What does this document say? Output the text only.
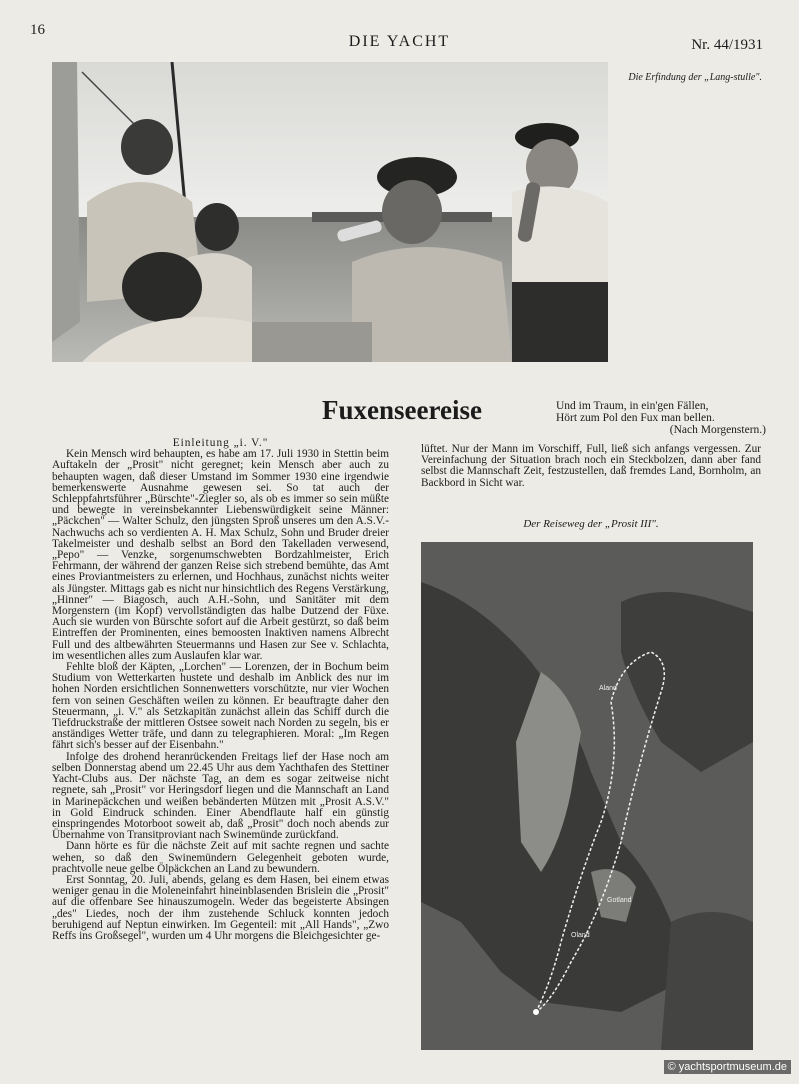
16
DIE YACHT	Nr. 44/1931
Die Erfindung der „Lang-stulle".
Fuxenseereise	Und im Traum, in ein'gen Fällen,
Hört zum Pol den Fux man bellen.
(Nach Morgenstern.)

Einleitung „i. V."

Kein Mensch wird behaupten, es habe am 17. Juli 1930 in Stettin beim Auftakeln der „Prosit" nicht geregnet; kein Mensch aber auch zu behaupten wagen, daß dieser Umstand im Sommer 1930 eine irgendwie bemerkenswerte Ausnahme gewesen sei. So tat auch der Schleppfahrtsführer „Bürschte"-Ziegler so, als ob es immer so sein müßte und bewegte in vereinsbekannter Liebenswürdigkeit seine Männer: „Päckchen" — Walter Schulz, den jüngsten Sproß unseres um den A.S.V.-Nachwuchs ach so verdienten A. H. Max Schulz, Sohn und Bruder dreier Takelmeister und deshalb selbst an Bord den Takelladen verwesend, „Pepo" — Venzke, sorgenumschwebten Bordzahlmeister, Erich Fehrmann, der während der ganzen Reise sich strebend bemühte, das Amt eines Proviantmeisters zu erlernen, und Hochhaus, zunächst nichts weiter als Jüngster. Mittags gab es nicht nur hinsichtlich des Regens Verstärkung, „Hinner" — Biagosch, auch A.H.-Sohn, und Sanitäter mit dem Morgenstern (im Kopf) vervollständigten das halbe Dutzend der Füxe. Auch sie wurden von Bürschte sofort auf die Arbeit gestürzt, so daß beim Eintreffen der Prominenten, eines bemoosten Inaktiven namens Albrecht Full und des altbewährten Steuermanns und Hasen zur See v. Schlachta, im wesentlichen alles zum Auslaufen klar war.

Fehlte bloß der Käpten, „Lorchen" — Lorenzen, der in Bochum beim Studium von Wetterkarten hustete und deshalb im Anblick des nur im hohen Norden ersichtlichen Sonnenwetters vorschützte, nur vier Wochen fern von seinen Geschäften weilen zu können. Er beauftragte daher den Steuermann, „i. V." als Setzkapitän zunächst allein das Schiff durch die Tiefdruckstraße der mittleren Ostsee soweit nach Norden zu segeln, bis er anständiges Wetter träfe, und dann zu telegraphieren. Moral: „Im Regen fährt sich's besser auf der Eisenbahn."

Infolge des drohend heranrückenden Freitags lief der Hase noch am selben Donnerstag abend um 22.45 Uhr aus dem Yachthafen des Stettiner Yacht-Clubs aus. Der nächste Tag, an dem es sogar zeitweise nicht regnete, sah „Prosit" vor Heringsdorf liegen und die Mannschaft an Land in Marinepäckchen und weißen bebänderten Mützen mit „Prosit A.S.V." in Gold Eindruck schinden. Einer Abendflaute half ein günstig einspringendes Motorboot soweit ab, daß „Prosit" doch noch abends zur Übernahme von Transitproviant nach Swinemünde zurückfand.

Dann hörte es für die nächste Zeit auf mit sachte regnen und sachte wehen, so daß den Swinemündern Gelegenheit geboten wurde, prachtvolle neue gelbe Ölpäckchen an Land zu bewundern.

Erst Sonntag, 20. Juli, abends, gelang es dem Hasen, bei einem etwas weniger genau in die Moleneinfahrt hineinblasenden Brislein die „Prosit" auf die offenbare See hinauszumogeln. Weder das begeisterte Absingen „des" Liedes, noch der ihm zustehende Schluck konnten jedoch beruhigend auf Neptun einwirken. Im Gegenteil: mit „All Hands", „Zwo Reffs ins Großsegel", wurden um 4 Uhr morgens die Bleichgesichter ge-

lüftet. Nur der Mann im Vorschiff, Full, ließ sich anfangs vergessen. Zur Vereinfachung der Situation brach noch ein Steckbolzen, dann aber fand selbst die Mannschaft Zeit, festzustellen, daß fremdes Land, Bornholm, an Backbord in Sicht war.

Der Reiseweg der „Prosit III".
Aland
Gotland
Oland
© yachtsportmuseum.de
